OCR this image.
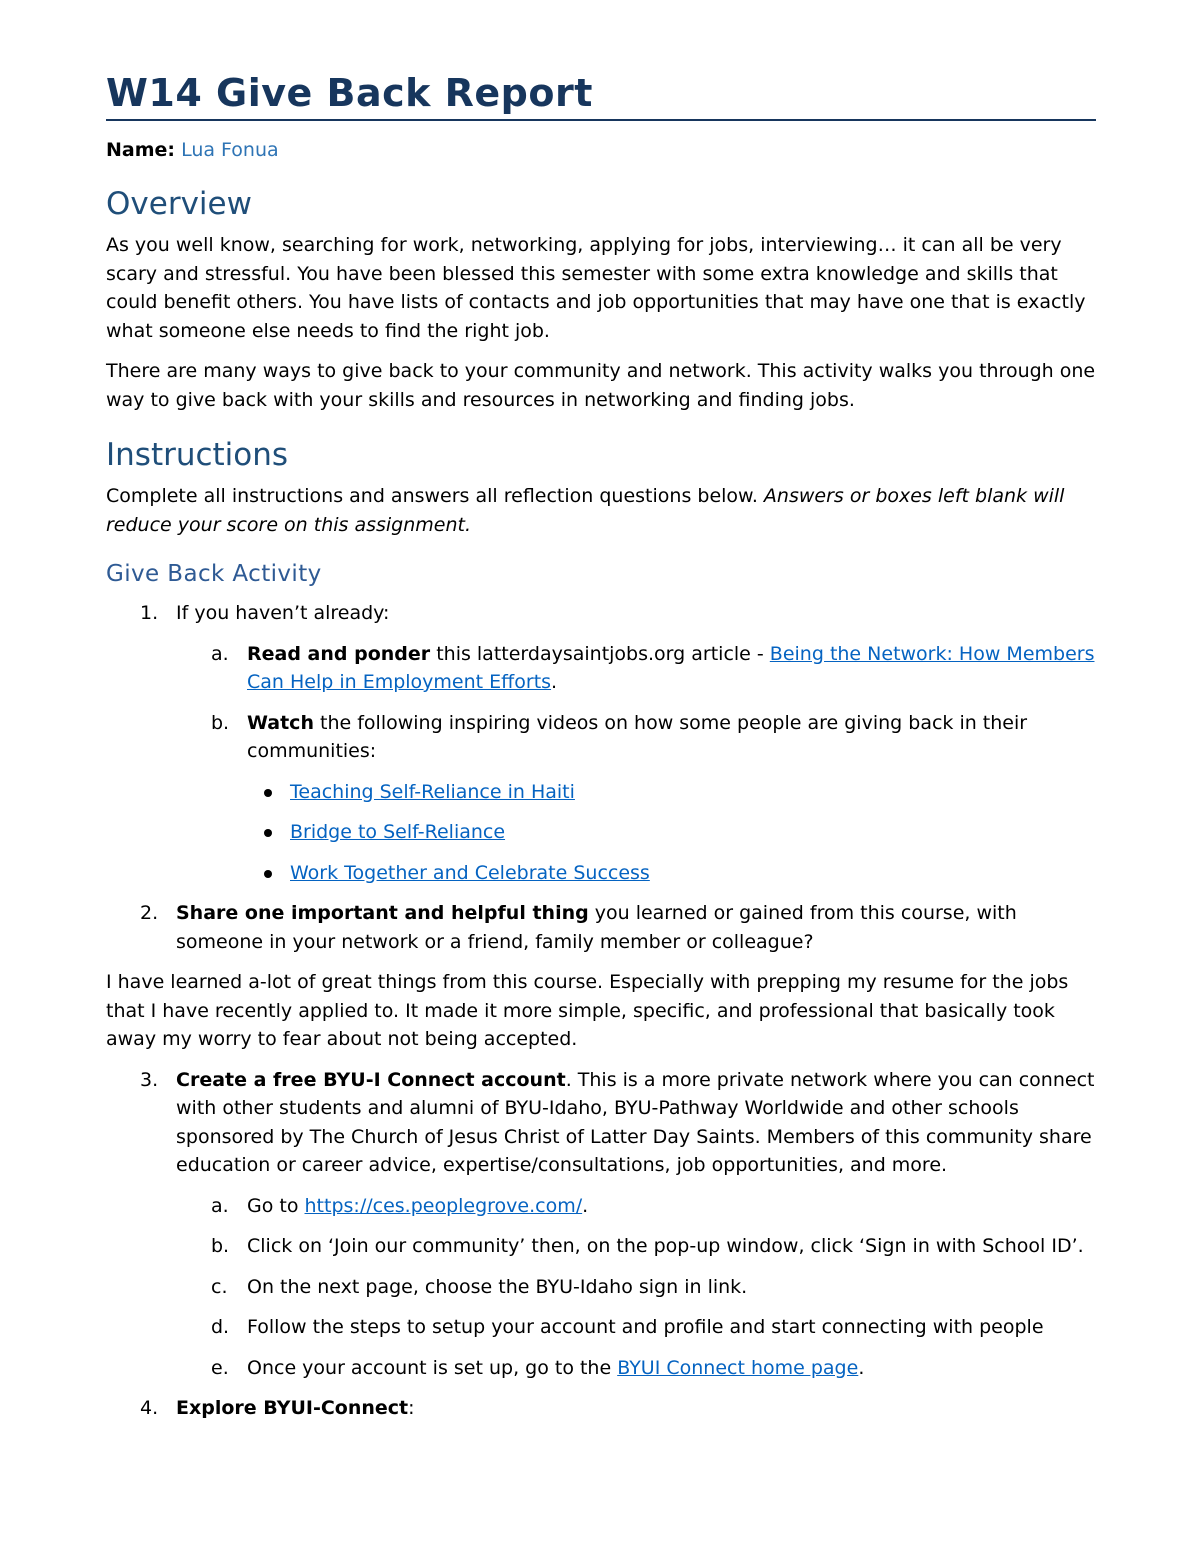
W14 Give Back Report
Name: Lua Fonua
Overview

As you well know, searching for work, networking, applying for jobs, interviewing… it can all be very scary and stressful. You have been blessed this semester with some extra knowledge and skills that could benefit others. You have lists of contacts and job opportunities that may have one that is exactly what someone else needs to find the right job.

There are many ways to give back to your community and network. This activity walks you through one way to give back with your skills and resources in networking and finding jobs.

Instructions

Complete all instructions and answers all reflection questions below. Answers or boxes left blank will reduce your score on this assignment.

Give Back Activity
1. If you haven’t already:
a. Read and ponder this latterdaysaintjobs.org article - Being the Network: How Members Can Help in Employment Efforts.
b. Watch the following inspiring videos on how some people are giving back in their communities:
Teaching Self-Reliance in Haiti
Bridge to Self-Reliance
Work Together and Celebrate Success
2. Share one important and helpful thing you learned or gained from this course, with someone in your network or a friend, family member or colleague?

I have learned a-lot of great things from this course. Especially with prepping my resume for the jobs that I have recently applied to. It made it more simple, specific, and professional that basically took away my worry to fear about not being accepted.

3. Create a free BYU-I Connect account. This is a more private network where you can connect with other students and alumni of BYU-Idaho, BYU-Pathway Worldwide and other schools sponsored by The Church of Jesus Christ of Latter Day Saints. Members of this community share education or career advice, expertise/consultations, job opportunities, and more.
a. Go to https://ces.peoplegrove.com/.
b. Click on ‘Join our community’ then, on the pop-up window, click ‘Sign in with School ID’.
c. On the next page, choose the BYU-Idaho sign in link.
d. Follow the steps to setup your account and profile and start connecting with people
e. Once your account is set up, go to the BYUI Connect home page.
4. Explore BYUI-Connect:
